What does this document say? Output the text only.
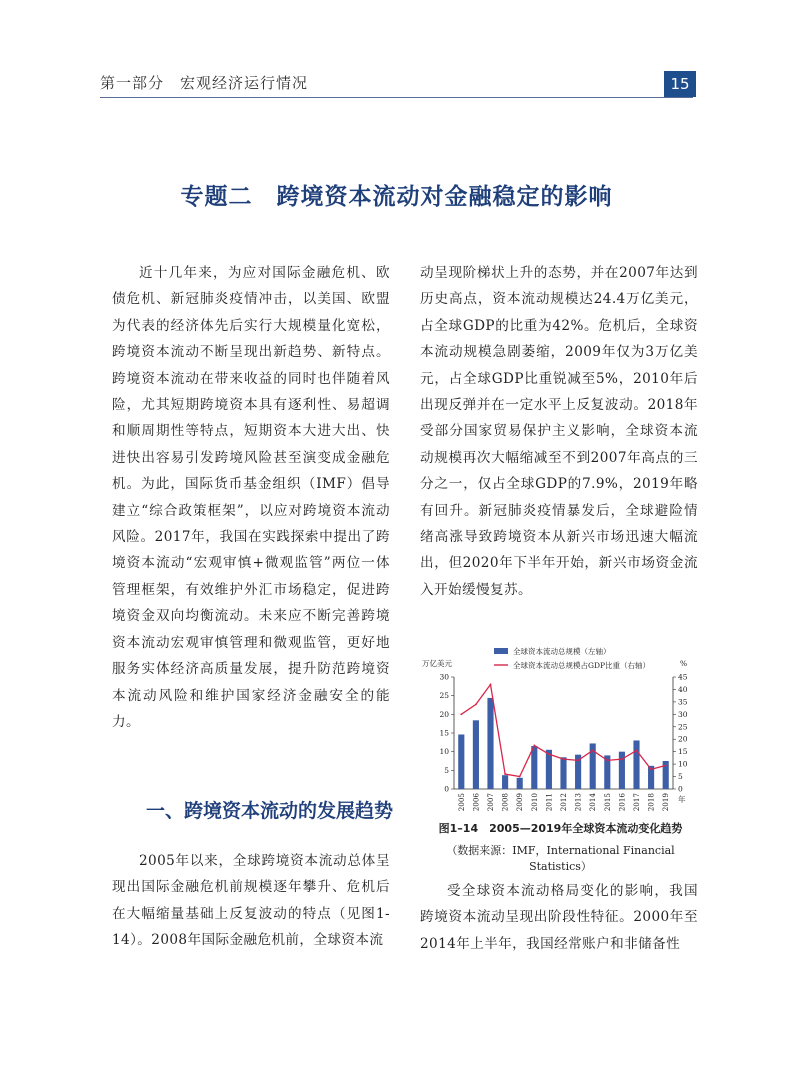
第一部分　宏观经济运行情况	15
专题二　跨境资本流动对金融稳定的影响

近十几年来，为应对国际金融危机、欧债危机、新冠肺炎疫情冲击，以美国、欧盟为代表的经济体先后实行大规模量化宽松，跨境资本流动不断呈现出新趋势、新特点。跨境资本流动在带来收益的同时也伴随着风险，尤其短期跨境资本具有逐利性、易超调和顺周期性等特点，短期资本大进大出、快进快出容易引发跨境风险甚至演变成金融危机。为此，国际货币基金组织（IMF）倡导建立“综合政策框架”，以应对跨境资本流动风险。2017年，我国在实践探索中提出了跨境资本流动“宏观审慎+微观监管”两位一体管理框架，有效维护外汇市场稳定，促进跨境资金双向均衡流动。未来应不断完善跨境资本流动宏观审慎管理和微观监管，更好地服务实体经济高质量发展，提升防范跨境资本流动风险和维护国家经济金融安全的能力。

动呈现阶梯状上升的态势，并在2007年达到历史高点，资本流动规模达24.4万亿美元，占全球GDP的比重为42%。危机后，全球资本流动规模急剧萎缩，2009年仅为3万亿美元，占全球GDP比重锐减至5%，2010年后出现反弹并在一定水平上反复波动。2018年受部分国家贸易保护主义影响，全球资本流动规模再次大幅缩减至不到2007年高点的三分之一，仅占全球GDP的7.9%，2019年略有回升。新冠肺炎疫情暴发后，全球避险情绪高涨导致跨境资本从新兴市场迅速大幅流出，但2020年下半年开始，新兴市场资金流入开始缓慢复苏。

一、跨境资本流动的发展趋势

2005年以来，全球跨境资本流动总体呈现出国际金融危机前规模逐年攀升、危机后在大幅缩量基础上反复波动的特点（见图1-14）。2008年国际金融危机前，全球资本流

受全球资本流动格局变化的影响，我国跨境资本流动呈现出阶段性特征。2000年至2014年上半年，我国经常账户和非储备性

全球资本流动总规模（左轴）
全球资本流动总规模占GDP比重（右轴）
万亿美元	%
0
5
10
15
20
25
30
0
5
10
15
20
25
30
35
40
45
2005 2006 2007 2008 2009 2010 2011 2012 2013 2014 2015 2016 2017 2018 2019 年
图1–14　2005—2019年全球资本流动变化趋势
（数据来源：IMF，International Financial Statistics）
